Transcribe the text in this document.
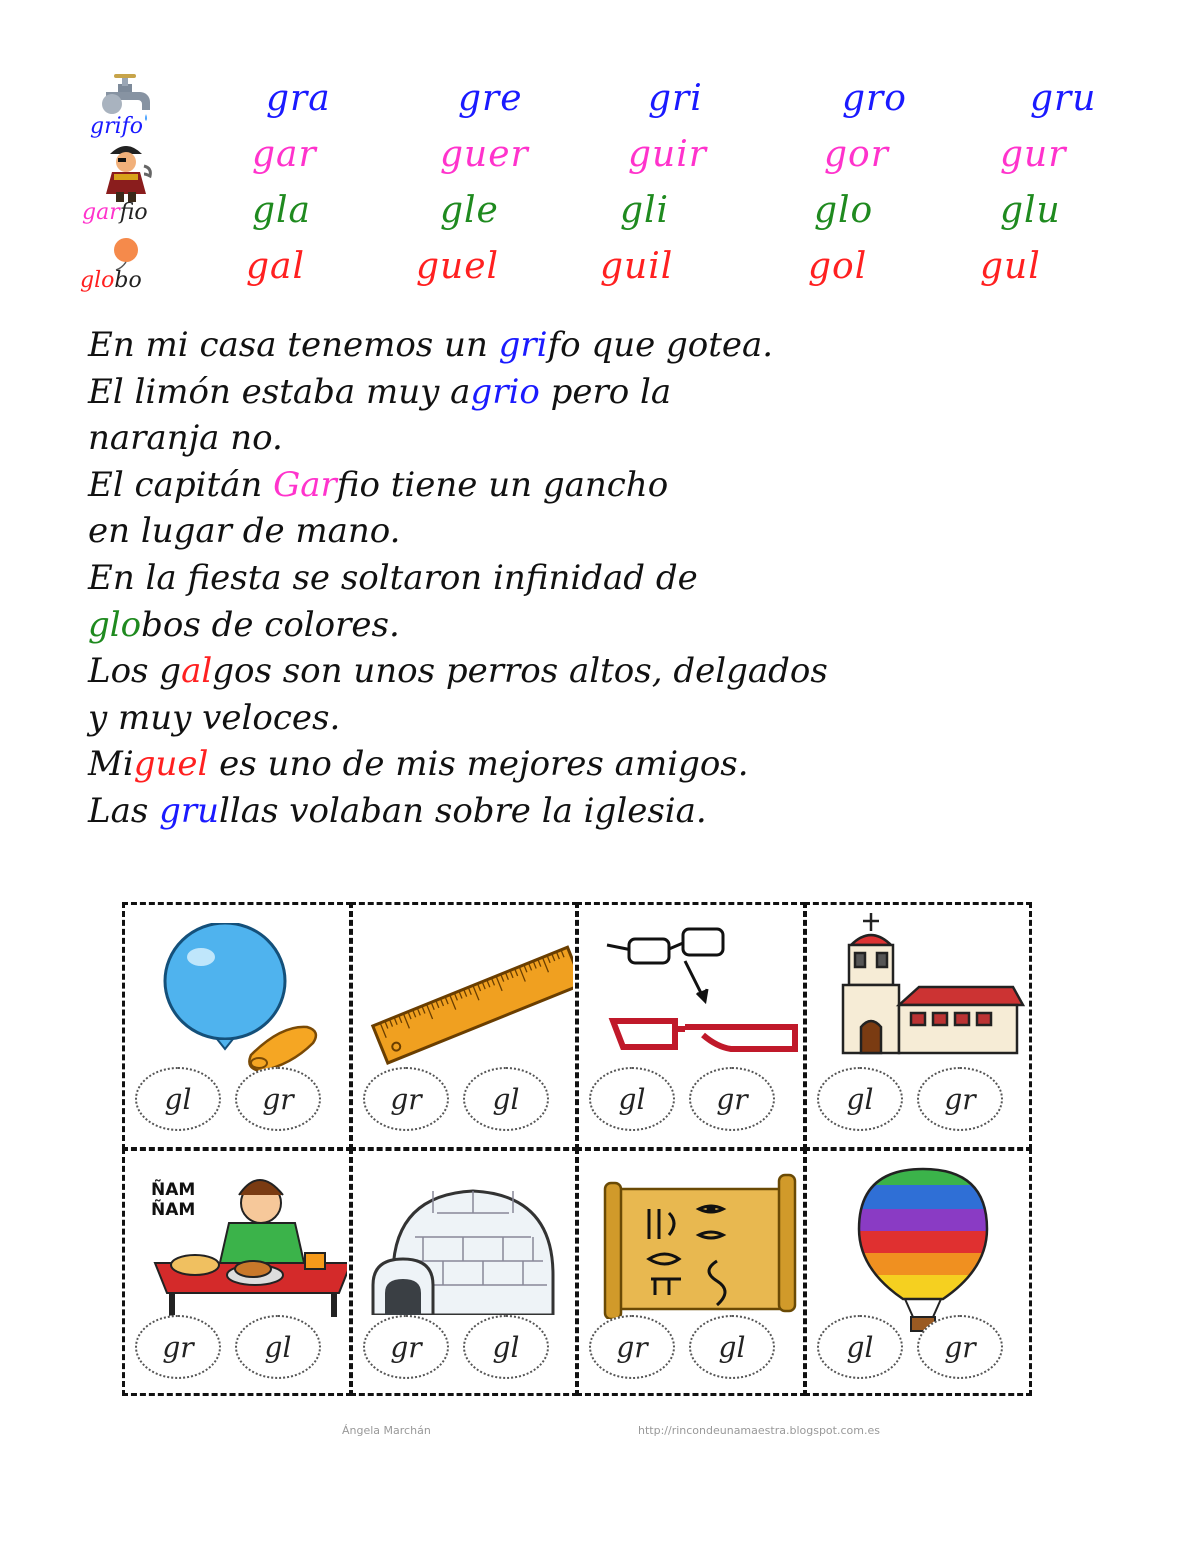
gra	gre	gri	gro	gru
gar	guer	guir	gor	gur
gla	gle	gli	glo	glu
gal	guel	guil	gol	gul
grifo
garfio
globo
En mi casa tenemos un grifo que gotea.
El limón estaba muy agrio pero la
naranja no.
El capitán Garfio tiene un gancho
en lugar de mano.
En la fiesta se soltaron infinidad de
globos de colores.
Los galgos son unos perros altos, delgados
y muy veloces.
Miguel es uno de mis mejores amigos.
Las grullas volaban sobre la iglesia.
gl	gr	gr	gl	gl	gr	gl	gr
ÑAM
ÑAM
gr	gl	gr	gl	gr	gl	gl	gr
Ángela Marchán	http://rincondeunamaestra.blogspot.com.es
